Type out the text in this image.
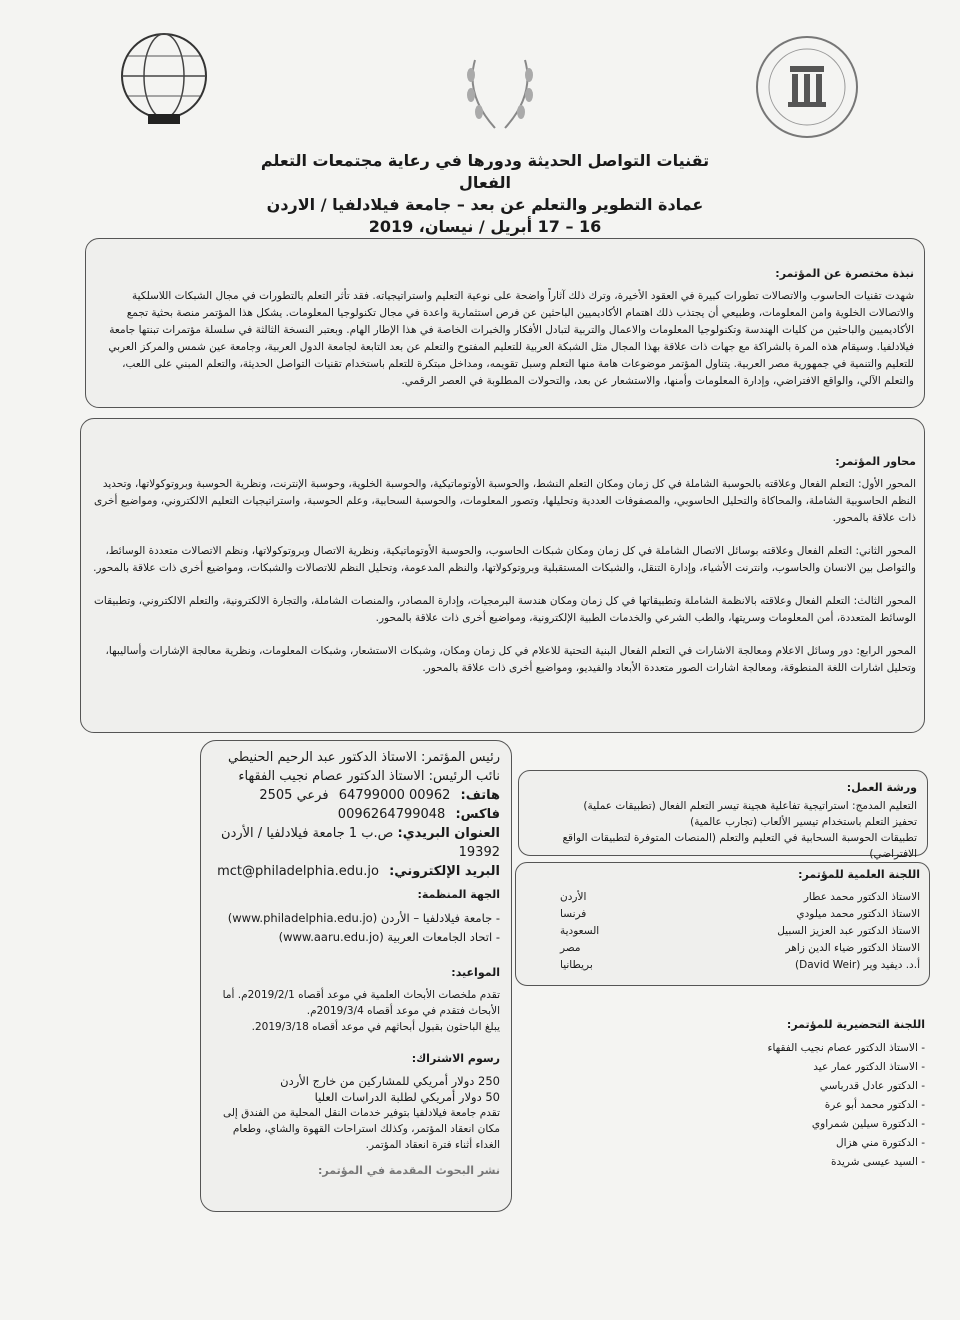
تقنيات التواصل الحديثة ودورها في رعاية مجتمعات التعلم الفعال
عمادة التطوير والتعلم عن بعد – جامعة فيلادلفيا / الاردن
16 – 17 أبريل / نيسان، 2019
نبذة مختصرة عن المؤتمر:
شهدت تقنيات الحاسوب والاتصالات تطورات كبيرة في العقود الأخيرة، وترك ذلك آثاراً واضحة على نوعية التعليم واستراتيجياته. فقد تأثر التعلم بالتطورات في مجال الشبكات اللاسلكية والاتصالات الخلوية وامن المعلومات، وطبيعي أن يجتذب ذلك اهتمام الأكاديميين الباحثين عن فرص استثمارية واعدة في مجال تكنولوجيا المعلومات. يشكل هذا المؤتمر منصة بحثية تجمع الأكاديميين والباحثين من كليات الهندسة وتكنولوجيا المعلومات والاعمال والتربية لتبادل الأفكار والخبرات الخاصة في هذا الإطار الهام. وبعتبر النسخة الثالثة في سلسلة مؤتمرات تبنتها جامعة فيلادلفيا. وسيقام هذه المرة بالشراكة مع جهات ذات علاقة بهذا المجال مثل الشبكة العربية للتعليم المفتوح والتعلم عن بعد التابعة لجامعة الدول العربية، وجامعة عين شمس والمركز العربي للتعليم والتنمية في جمهورية مصر العربية. يتناول المؤتمر موضوعات هامة منها التعلم وسبل تقويمه، ومداخل مبتكرة للتعلم باستخدام تقنيات التواصل الحديثة، والتعلم المبني على اللعب، والتعلم الآلي، والواقع الافتراضي، وإدارة المعلومات وأمنها، والاستشعار عن بعد، والتحولات المطلوبة في العصر الرقمي.
محاور المؤتمر:
المحور الأول: التعلم الفعال وعلاقته بالحوسبة الشاملة في كل زمان ومكان التعلم النشط، والحوسبة الأوتوماتيكية، والحوسبة الخلوية، وحوسبة الإنترنت، ونظرية الحوسبة وبروتوكولاتها، وتحديد النظم الحاسوبية الشاملة، والمحاكاة والتحليل الحاسوبي، والمصفوفات العددية وتحليلها، وتصور المعلومات، والحوسبة السحابية، وعلم الحوسبة، واستراتيجيات التعليم الالكتروني، ومواضيع أخرى ذات علاقة بالمحور.
المحور الثاني: التعلم الفعال وعلاقته بوسائل الاتصال الشاملة في كل زمان ومكان شبكات الحاسوب، والحوسبة الأوتوماتيكية، ونظرية الاتصال وبروتوكولاتها، ونظم الاتصالات متعددة الوسائط، والتواصل بين الانسان والحاسوب، وانترنت الأشياء، وإدارة التنقل، والشبكات المستقبلية وبروتوكولاتها، والنظم المدعومة، وتحليل النظم للاتصالات والشبكات، ومواضيع أخرى ذات علاقة بالمحور.
المحور الثالث: التعلم الفعال وعلاقته بالانظمة الشاملة وتطبيقاتها في كل زمان ومكان هندسة البرمجيات، وإدارة المصادر، والمنصات الشاملة، والتجارة الالكترونية، والتعلم الالكتروني، وتطبيقات الوسائط المتعددة، أمن المعلومات وسريتها، والطب الشرعي والخدمات الطبية الإلكترونية، ومواضيع أخرى ذات علاقة بالمحور.
المحور الرابع: دور وسائل الاعلام ومعالجة الاشارات في التعلم الفعال البنية التحتية للاعلام في كل زمان ومكان، وشبكات الاستشعار، وشبكات المعلومات، ونظرية معالجة الإشارات وأساليبها، وتحليل اشارات اللغة المنطوقة، ومعالجة اشارات الصور متعددة الأبعاد والفيديو، ومواضيع أخرى ذات علاقة بالمحور.
رئيس المؤتمر: الاستاذ الدكتور عبد الرحيم الحنيطي
نائب الرئيس: الاستاذ الدكتور عصام نجيب الفقهاء
هاتف: 00962 64799000 فرعي 2505
فاكس: 0096264799048
العنوان البريدي: ص.ب 1 جامعة فيلادلفيا / الأردن 19392
البريد الإلكتروني: mct@philadelphia.edu.jo
الجهة المنظمة:
- جامعة فيلادلفيا – الأردن (www.philadelphia.edu.jo)
- اتحاد الجامعات العربية (www.aaru.edu.jo)
المواعيد:
تقدم ملخصات الأبحاث العلمية في موعد أقصاه 2019/2/1م. أما الأبحاث فتقدم في موعد أقصاه 2019/3/4م.
يبلغ الباحثون بقبول أبحاثهم في موعد أقصاه 2019/3/18.
رسوم الاشتراك:
250 دولار أمريكي للمشاركين من خارج الأردن
50 دولار أمريكي لطلبة الدراسات العليا
تقدم جامعة فيلادلفيا بتوفير خدمات النقل المحلية من الفندق إلى مكان انعقاد المؤتمر، وكذلك استراحات القهوة والشاي، وطعام الغداء أثناء فترة انعقاد المؤتمر.
نشر البحوث المقدمة في المؤتمر:
ورشة العمل:
التعليم المدمج: استراتيجية تفاعلية هجينة تيسر التعلم الفعال (تطبيقات عملية)
تحفيز التعلم باستخدام تيسير الألعاب (تجارب عالمية)
تطبيقات الحوسبة السحابية في التعليم والتعلم (المنصات المتوفرة لتطبيقات الواقع الافتراضي)
اللجنة العلمية للمؤتمر:
الاستاذ الدكتور محمد عطار
الأردن
الاستاذ الدكتور محمد ميلودي
فرنسا
الاستاذ الدكتور عبد العزيز السبيل
السعودية
الاستاذ الدكتور ضياء الدين زاهر
مصر
أ.د. ديفيد وير (David Weir)
بريطانيا
اللجنة التحضيرية للمؤتمر:
- الاستاذ الدكتور عصام نجيب الفقهاء
- الاستاذ الدكتور عمار عيد
- الدكتور عادل قدرباسي
- الدكتور محمد أبو عرة
- الدكتورة سيلين شمراوي
- الدكتورة مني هزال
- السيد عيسى شريدة
